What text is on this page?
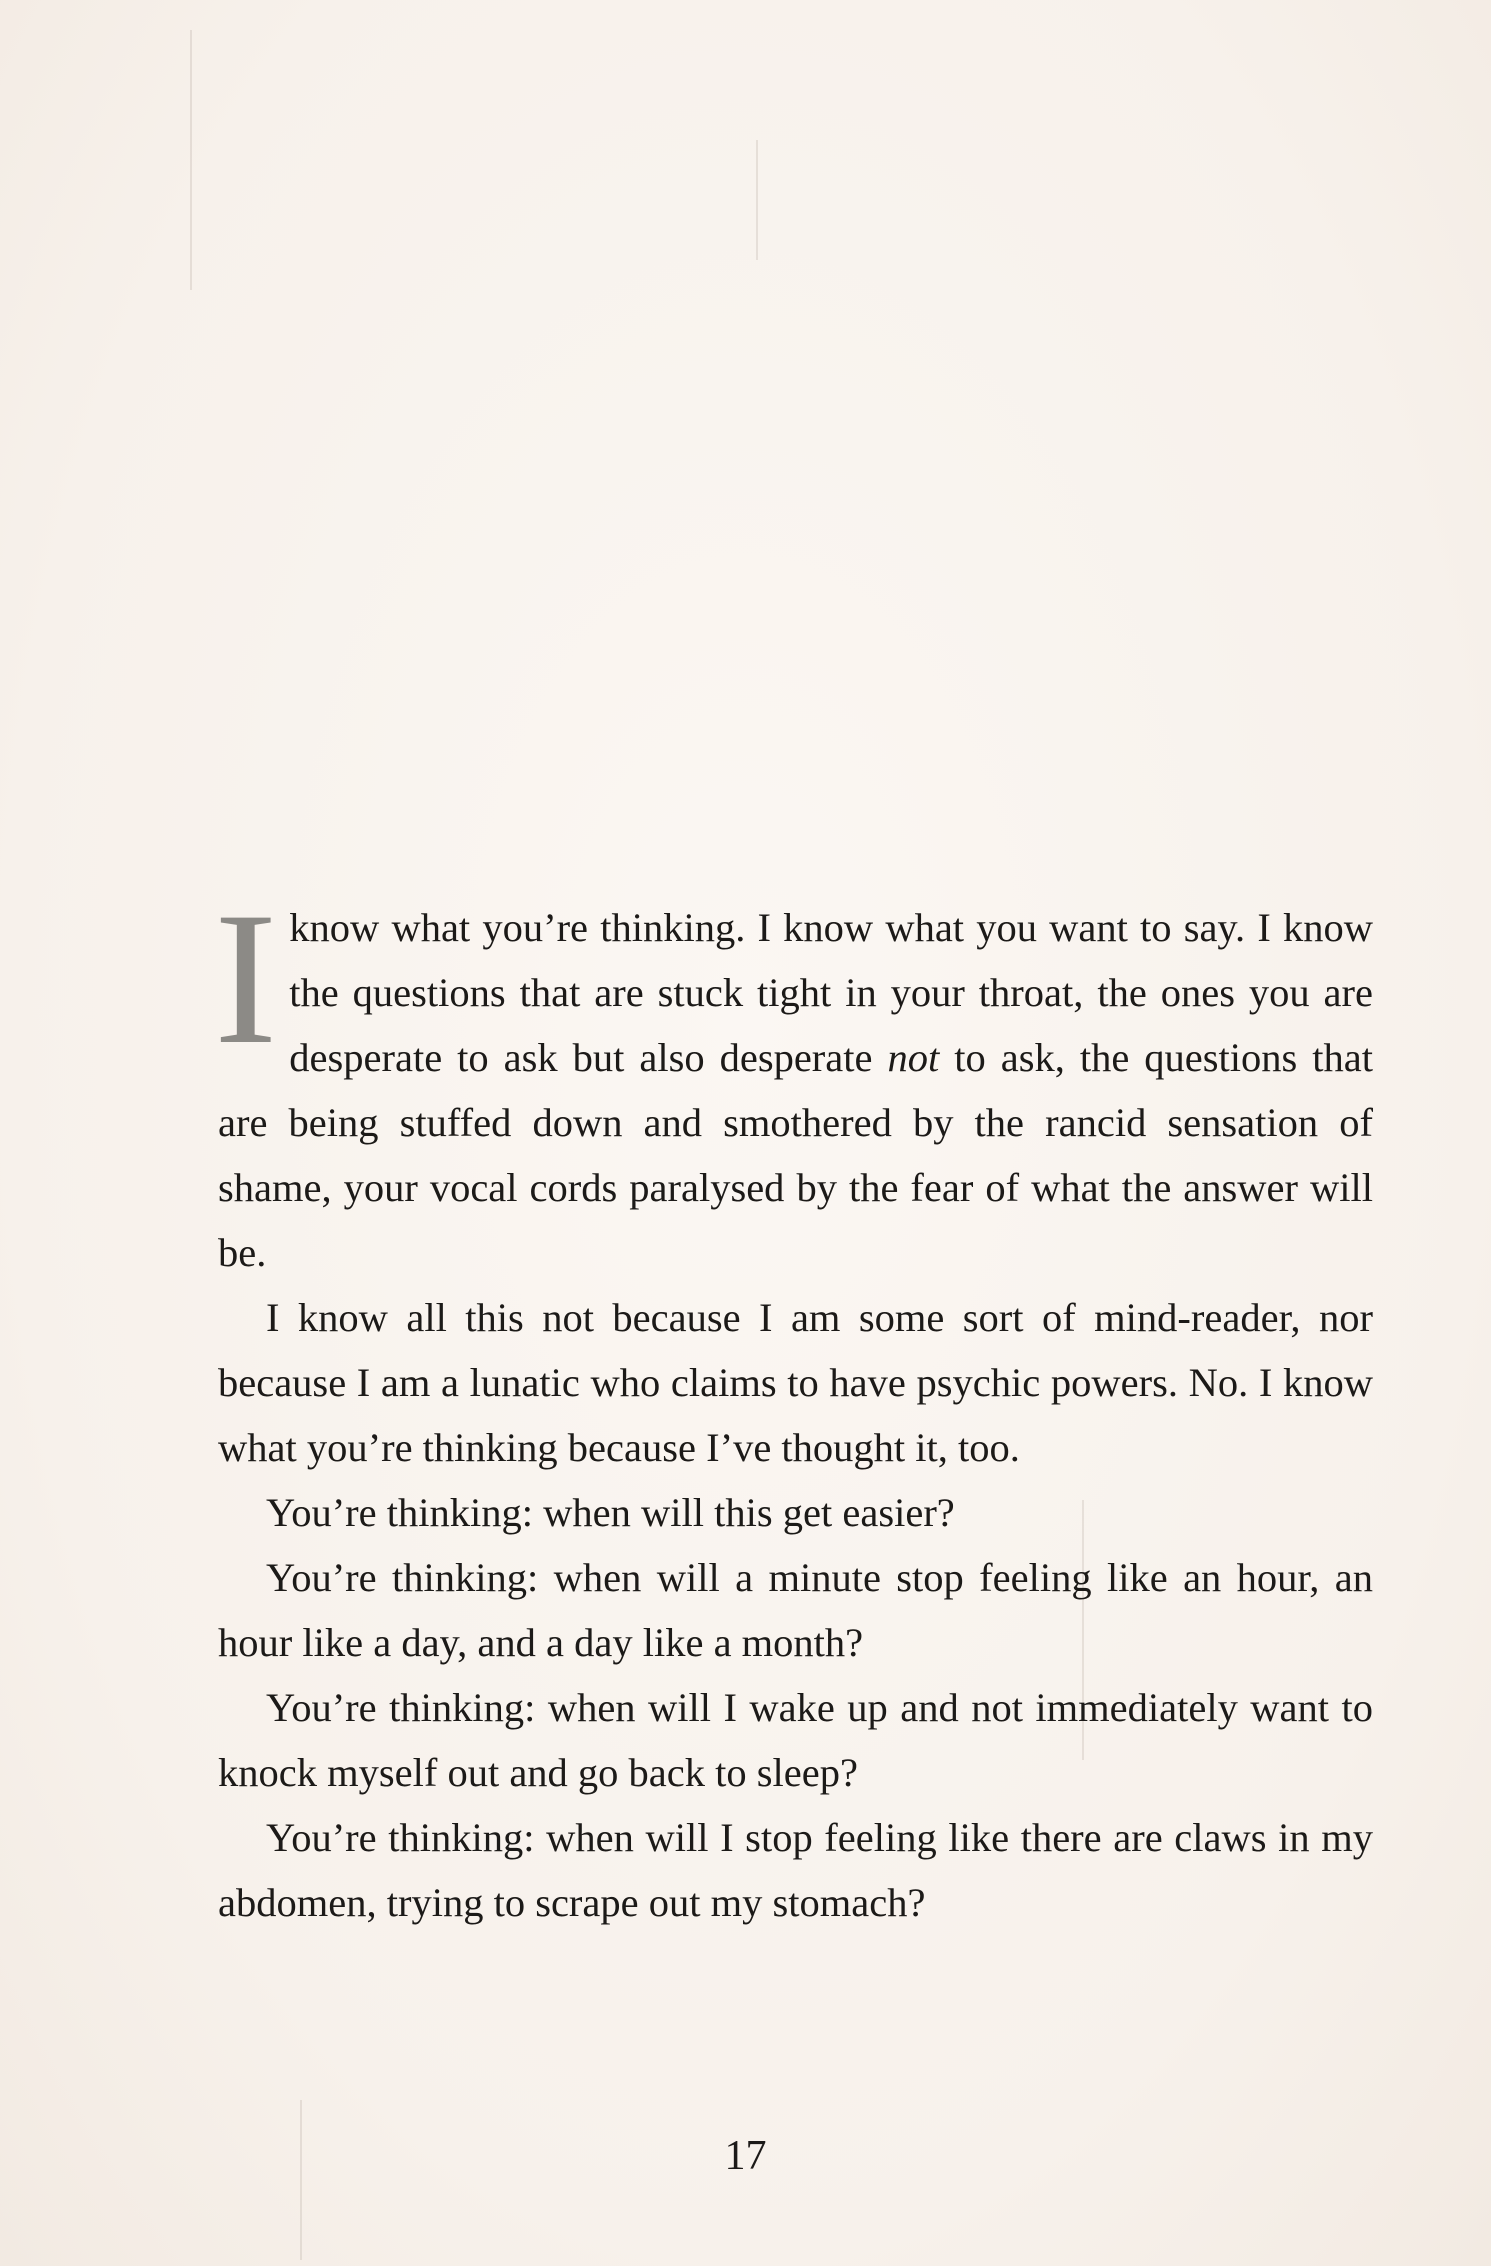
I know what you’re thinking. I know what you want to say. I know the questions that are stuck tight in your throat, the ones you are desperate to ask but also desperate not to ask, the questions that are being stuffed down and smothered by the rancid sensation of shame, your vocal cords paralysed by the fear of what the answer will be.

I know all this not because I am some sort of mind-reader, nor because I am a lunatic who claims to have psychic powers. No. I know what you’re thinking because I’ve thought it, too.

You’re thinking: when will this get easier?

You’re thinking: when will a minute stop feeling like an hour, an hour like a day, and a day like a month?

You’re thinking: when will I wake up and not immediately want to knock myself out and go back to sleep?

You’re thinking: when will I stop feeling like there are claws in my abdomen, trying to scrape out my stomach?

17
